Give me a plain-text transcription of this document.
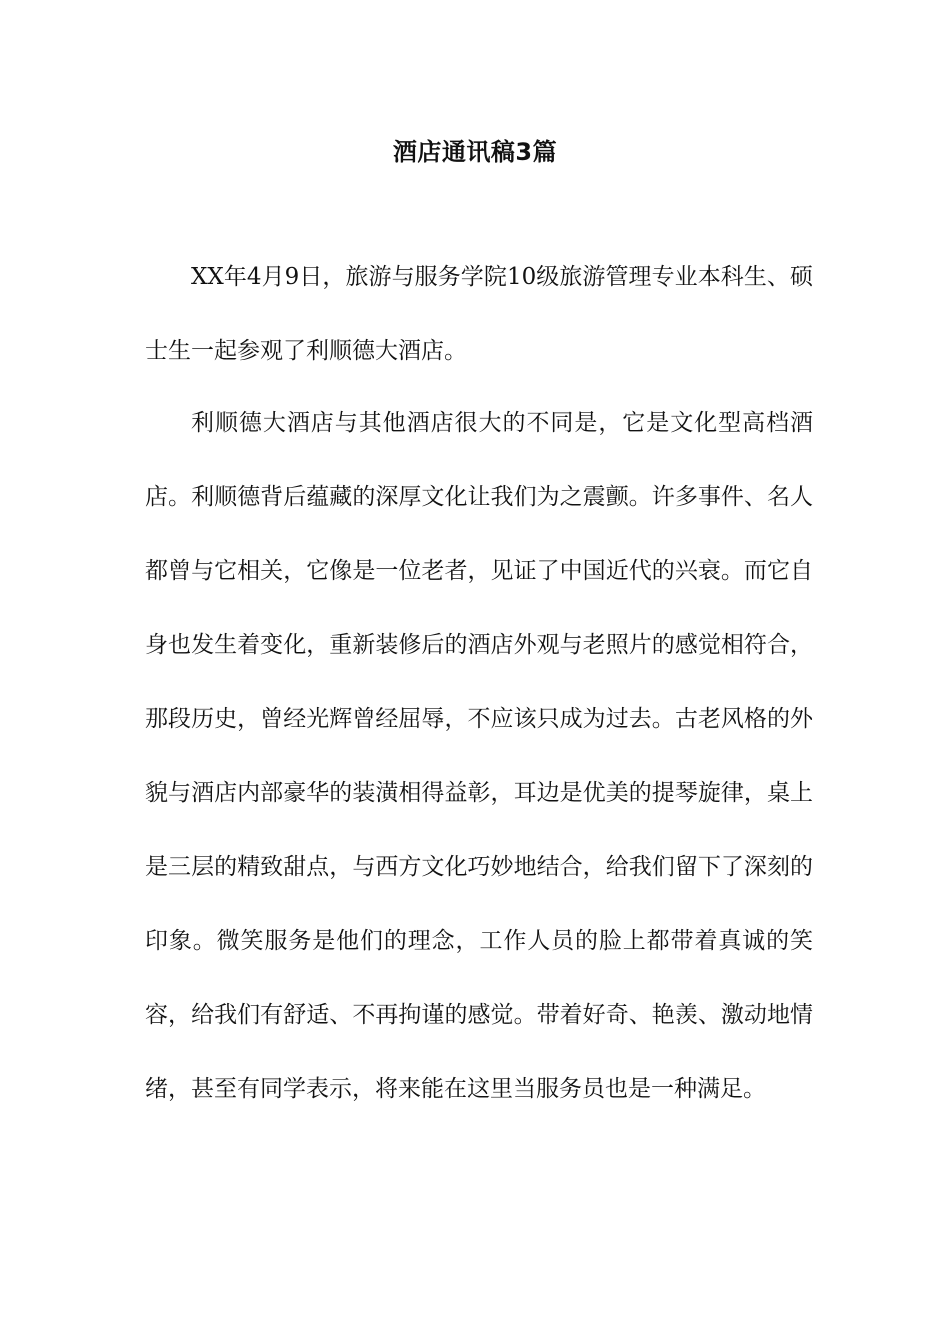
酒店通讯稿3篇

XX年4月9日，旅游与服务学院10级旅游管理专业本科生、硕士生一起参观了利顺德大酒店。

利顺德大酒店与其他酒店很大的不同是，它是文化型高档酒店。利顺德背后蕴藏的深厚文化让我们为之震颤。许多事件、名人都曾与它相关，它像是一位老者，见证了中国近代的兴衰。而它自身也发生着变化，重新装修后的酒店外观与老照片的感觉相符合，那段历史，曾经光辉曾经屈辱，不应该只成为过去。古老风格的外貌与酒店内部豪华的装潢相得益彰，耳边是优美的提琴旋律，桌上是三层的精致甜点，与西方文化巧妙地结合，给我们留下了深刻的印象。微笑服务是他们的理念，工作人员的脸上都带着真诚的笑容，给我们有舒适、不再拘谨的感觉。带着好奇、艳羡、激动地情绪，甚至有同学表示，将来能在这里当服务员也是一种满足。
